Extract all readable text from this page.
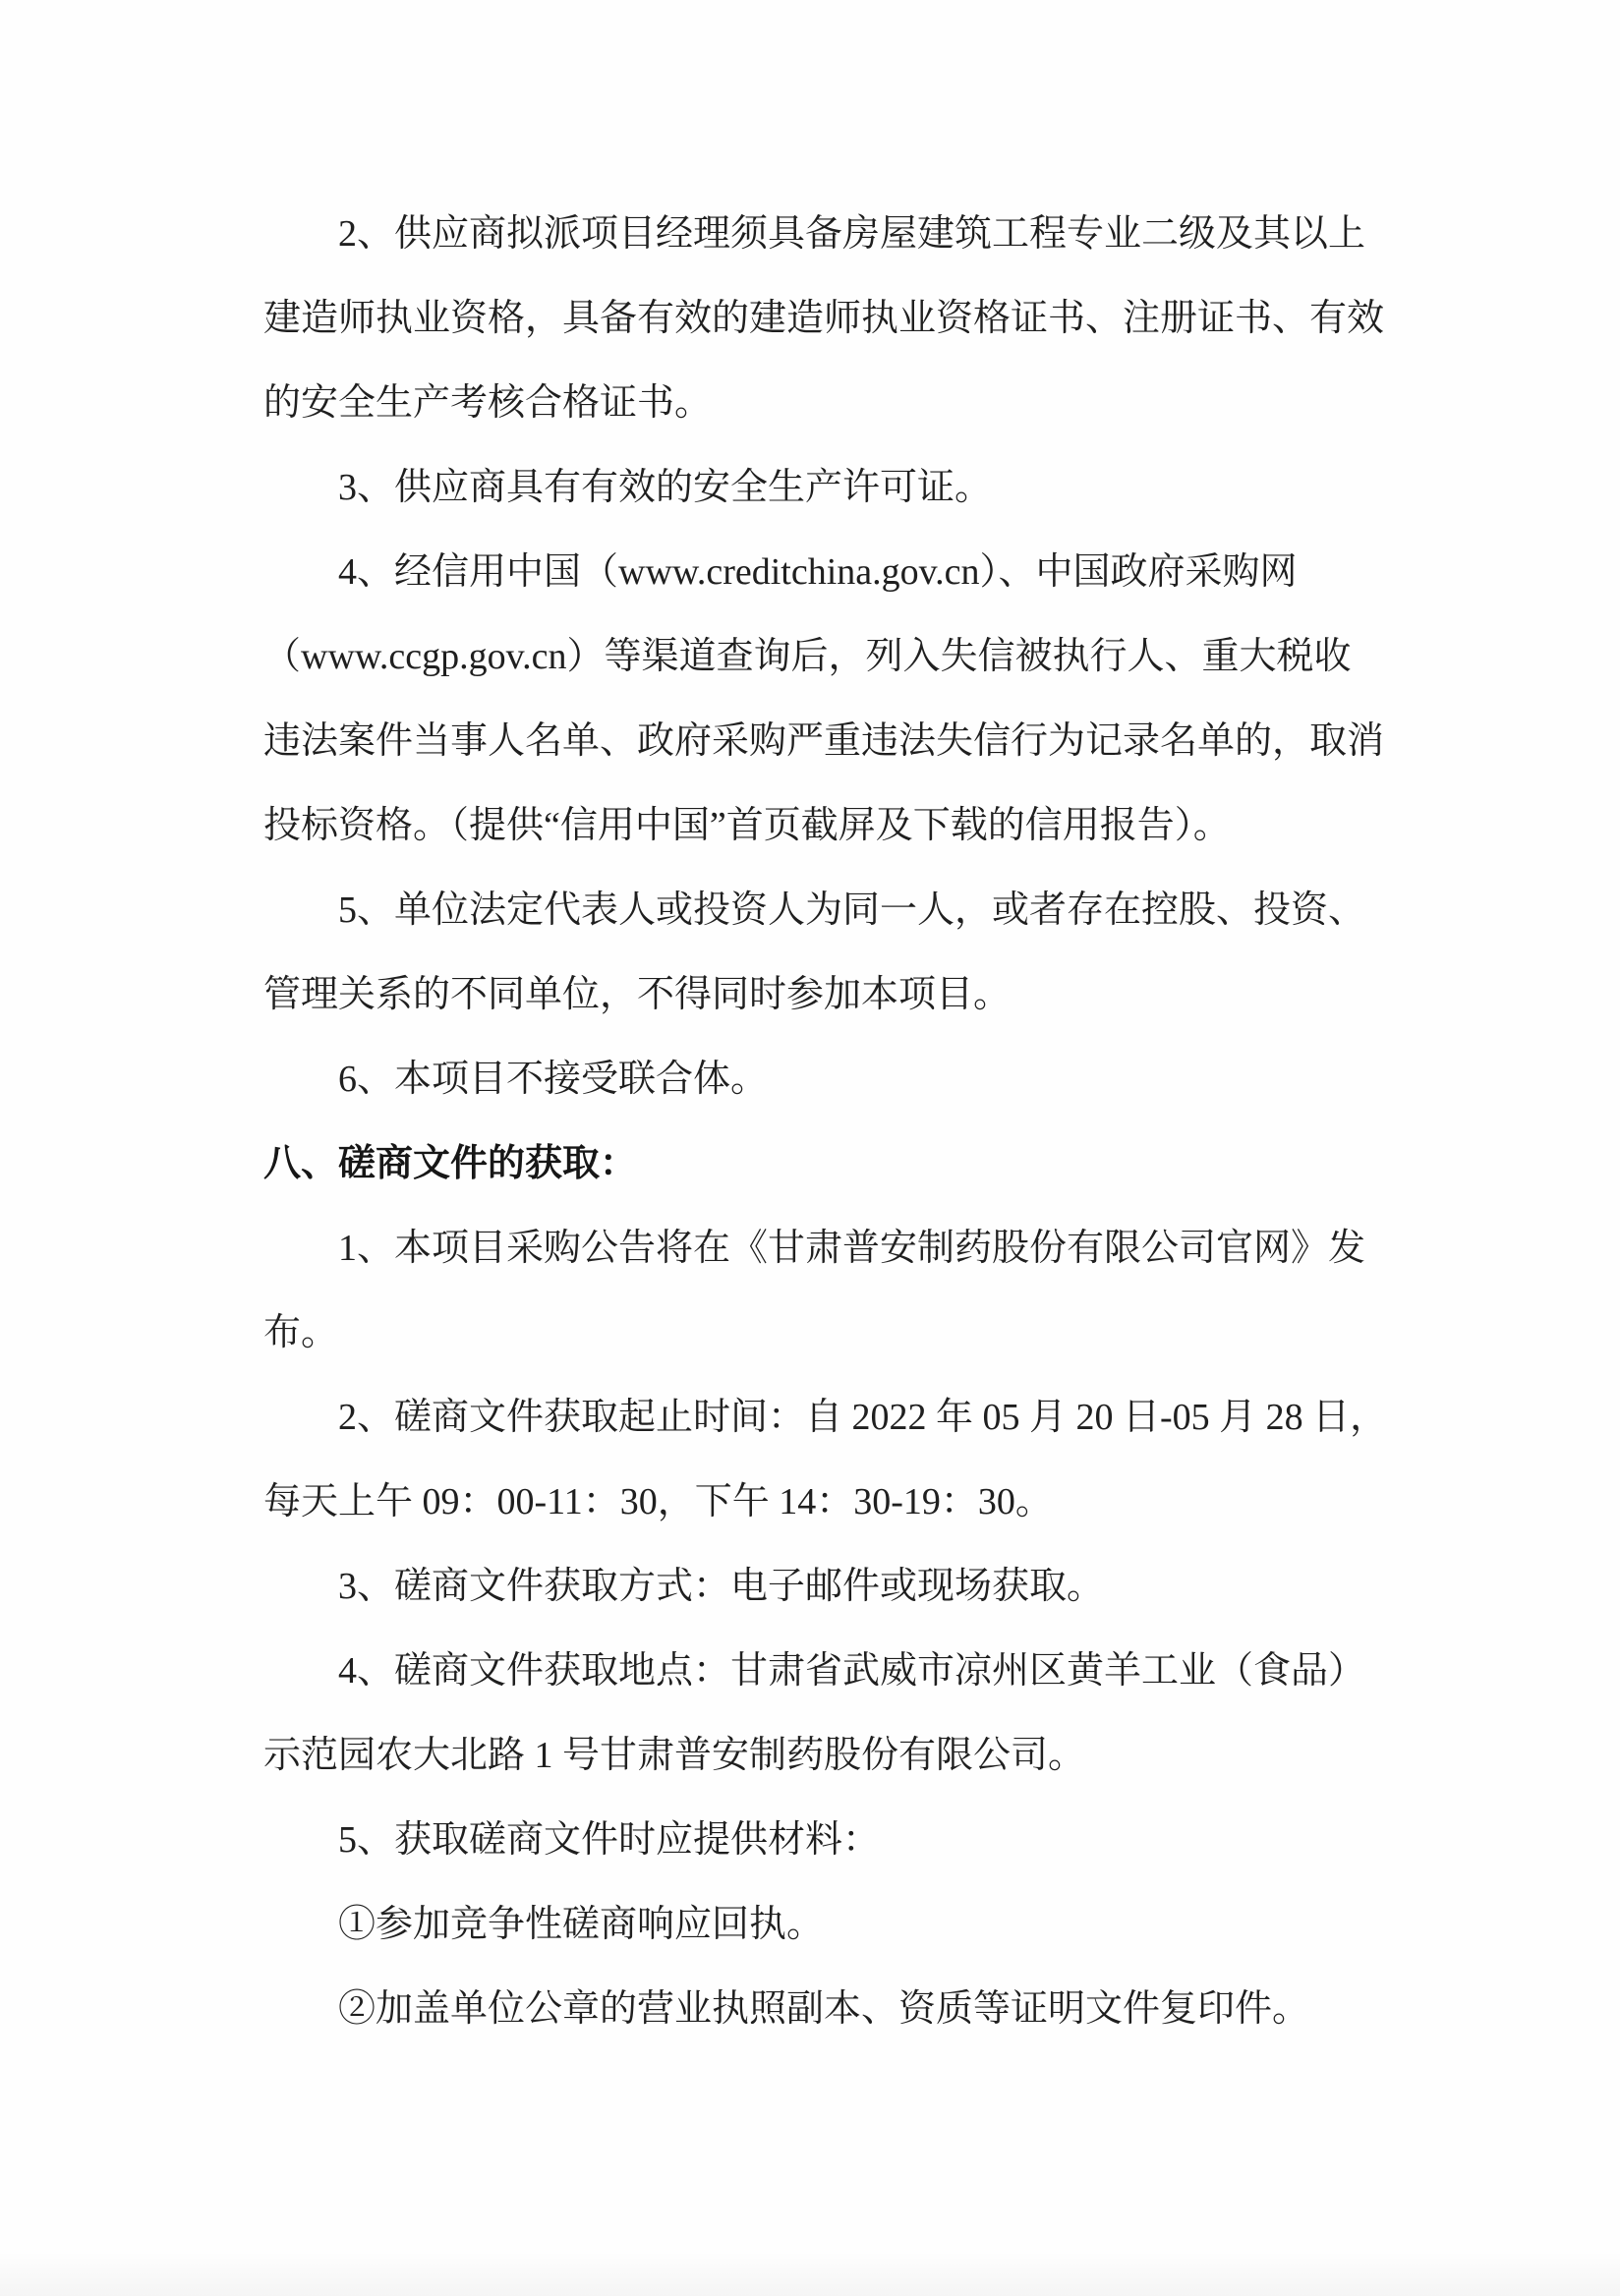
2、供应商拟派项目经理须具备房屋建筑工程专业二级及其以上
建造师执业资格，具备有效的建造师执业资格证书、注册证书、有效
的安全生产考核合格证书。
3、供应商具有有效的安全生产许可证。
4、经信用中国（www.creditchina.gov.cn）、中国政府采购网
（www.ccgp.gov.cn）等渠道查询后，列入失信被执行人、重大税收
违法案件当事人名单、政府采购严重违法失信行为记录名单的，取消
投标资格。（提供“信用中国”首页截屏及下载的信用报告）。
5、单位法定代表人或投资人为同一人，或者存在控股、投资、
管理关系的不同单位，不得同时参加本项目。
6、本项目不接受联合体。
八、磋商文件的获取：
1、本项目采购公告将在《甘肃普安制药股份有限公司官网》发
布。
2、磋商文件获取起止时间：自 2022 年 05 月 20 日-05 月 28 日，
每天上午 09：00-11：30，下午 14：30-19：30。
3、磋商文件获取方式：电子邮件或现场获取。
4、磋商文件获取地点：甘肃省武威市凉州区黄羊工业（食品）
示范园农大北路 1 号甘肃普安制药股份有限公司。
5、获取磋商文件时应提供材料：
①参加竞争性磋商响应回执。
②加盖单位公章的营业执照副本、资质等证明文件复印件。
